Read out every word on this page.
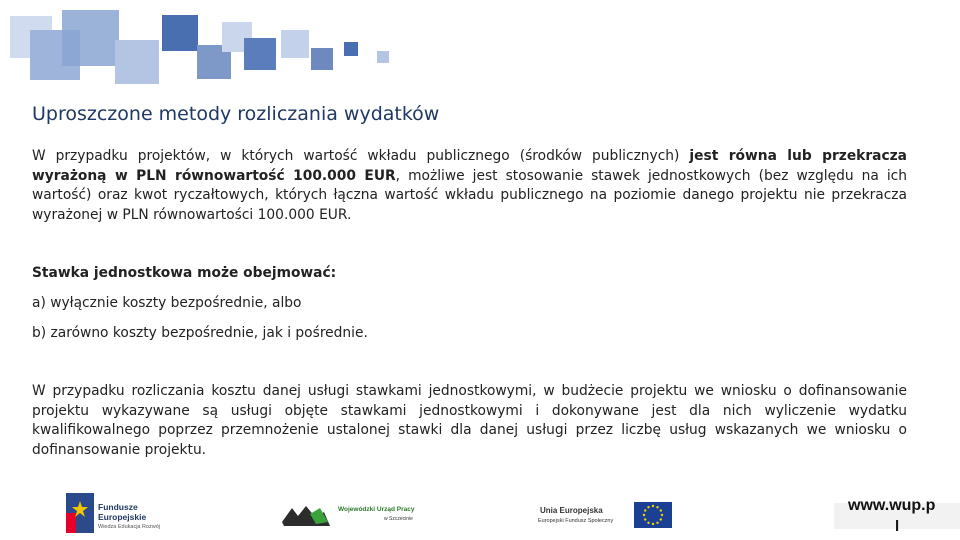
Uproszczone metody rozliczania wydatków
W przypadku projektów, w których wartość wkładu publicznego (środków publicznych) jest równa lub przekracza wyrażoną w PLN równowartość 100.000 EUR, możliwe jest stosowanie stawek jednostkowych (bez względu na ich wartość) oraz kwot ryczałtowych, których łączna wartość wkładu publicznego na poziomie danego projektu nie przekracza wyrażonej w PLN równowartości 100.000 EUR.
Stawka jednostkowa może obejmować:
a) wyłącznie koszty bezpośrednie, albo
b) zarówno koszty bezpośrednie, jak i pośrednie.
W przypadku rozliczania kosztu danej usługi stawkami jednostkowymi, w budżecie projektu we wniosku o dofinansowanie projektu wykazywane są usługi objęte stawkami jednostkowymi i dokonywane jest dla nich wyliczenie wydatku kwalifikowalnego poprzez przemnożenie ustalonej stawki dla danej usługi przez liczbę usług wskazanych we wniosku o dofinansowanie projektu.
Fundusze
Europejskie
Wiedza Edukacja Rozwój
Wojewódzki Urząd Pracy
w Szczecinie
Unia Europejska
Europejski Fundusz Społeczny
www.wup.p
l
